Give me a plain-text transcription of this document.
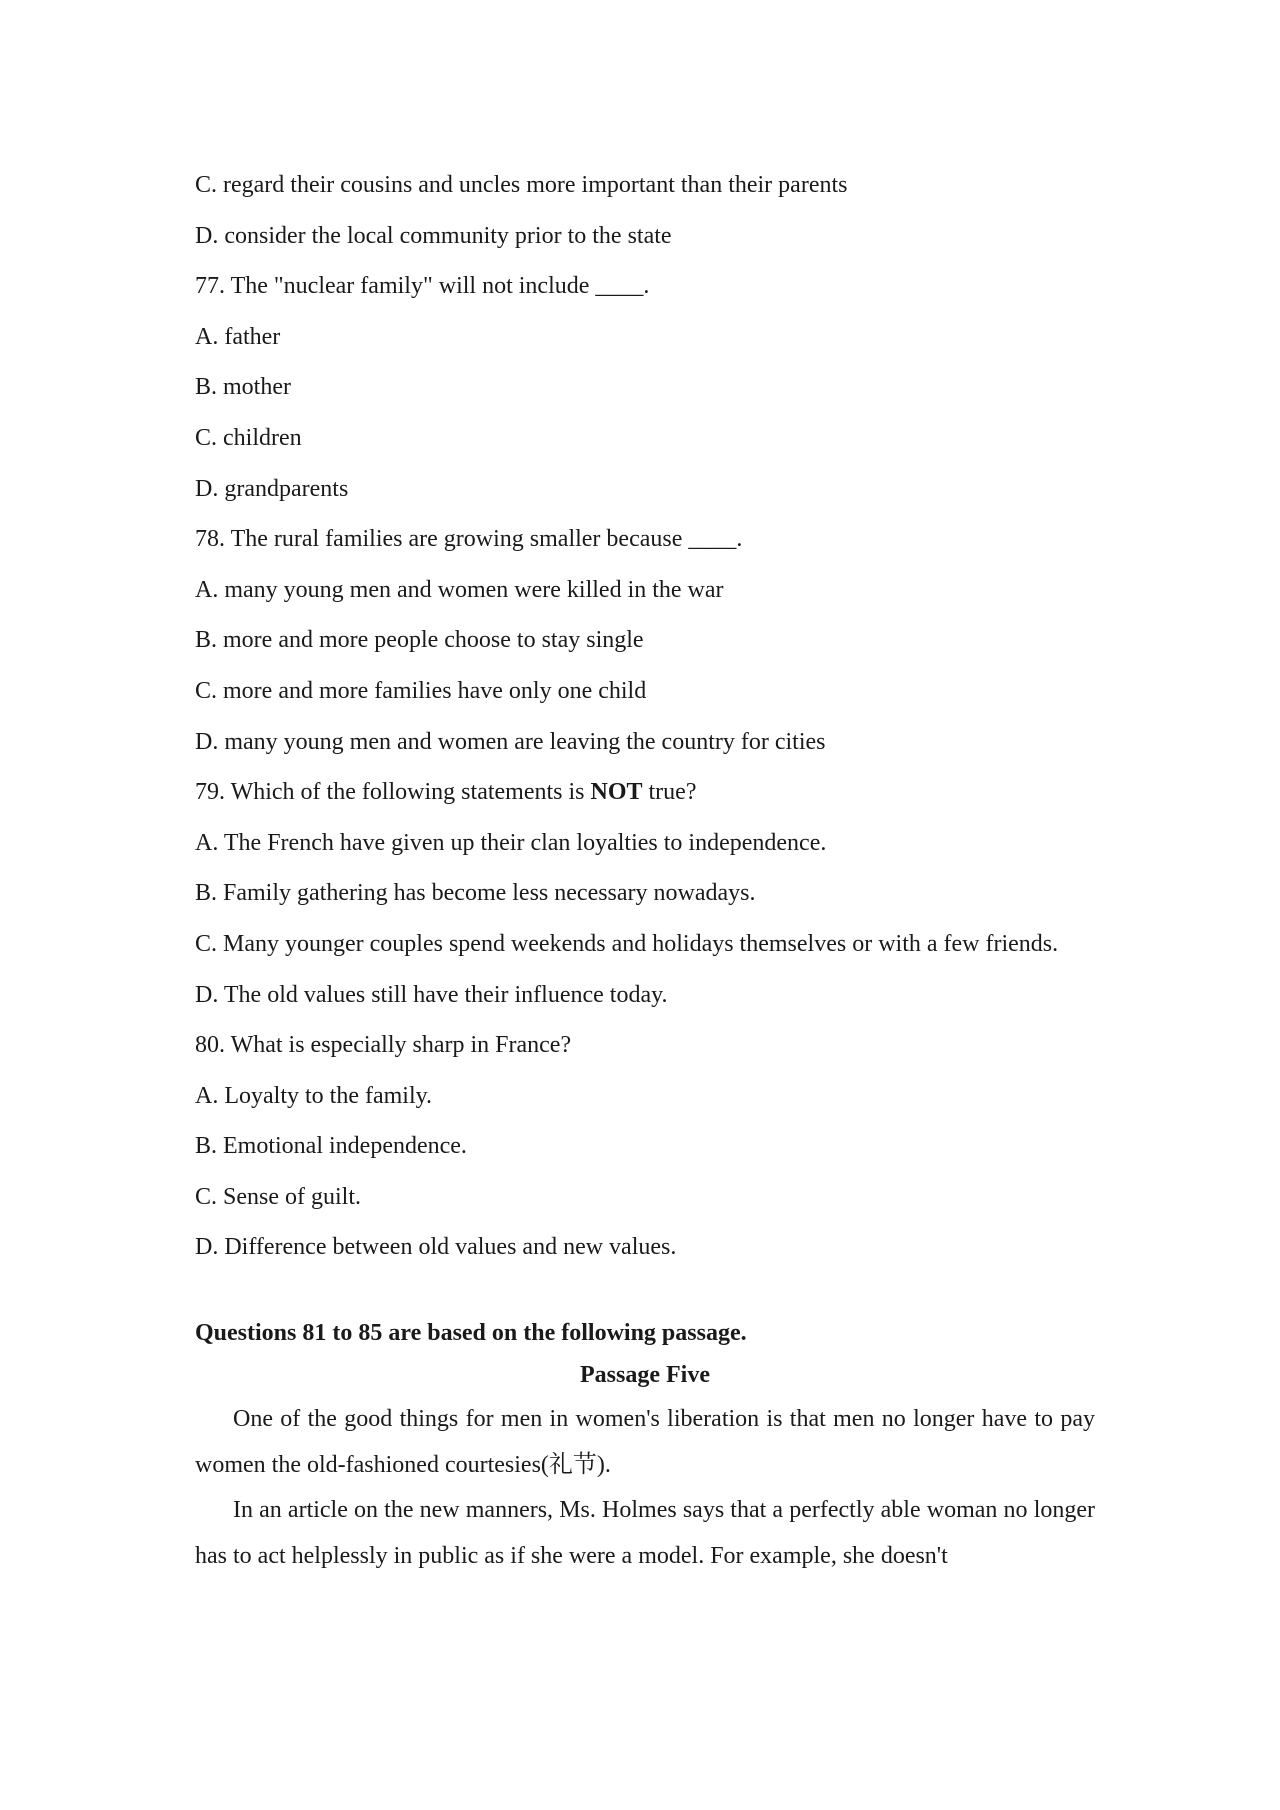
C. regard their cousins and uncles more important than their parents

D. consider the local community prior to the state

77. The "nuclear family" will not include ____.

A. father

B. mother

C. children

D. grandparents

78. The rural families are growing smaller because ____.

A. many young men and women were killed in the war

B. more and more people choose to stay single

C. more and more families have only one child

D. many young men and women are leaving the country for cities

79. Which of the following statements is NOT true?

A. The French have given up their clan loyalties to independence.

B. Family gathering has become less necessary nowadays.

C. Many younger couples spend weekends and holidays themselves or with a few friends.

D. The old values still have their influence today.

80. What is especially sharp in France?

A. Loyalty to the family.

B. Emotional independence.

C. Sense of guilt.

D. Difference between old values and new values.

Questions 81 to 85 are based on the following passage.

Passage Five

One of the good things for men in women's liberation is that men no longer have to pay women the old-fashioned courtesies(礼节).

In an article on the new manners, Ms. Holmes says that a perfectly able woman no longer has to act helplessly in public as if she were a model. For example, she doesn't
